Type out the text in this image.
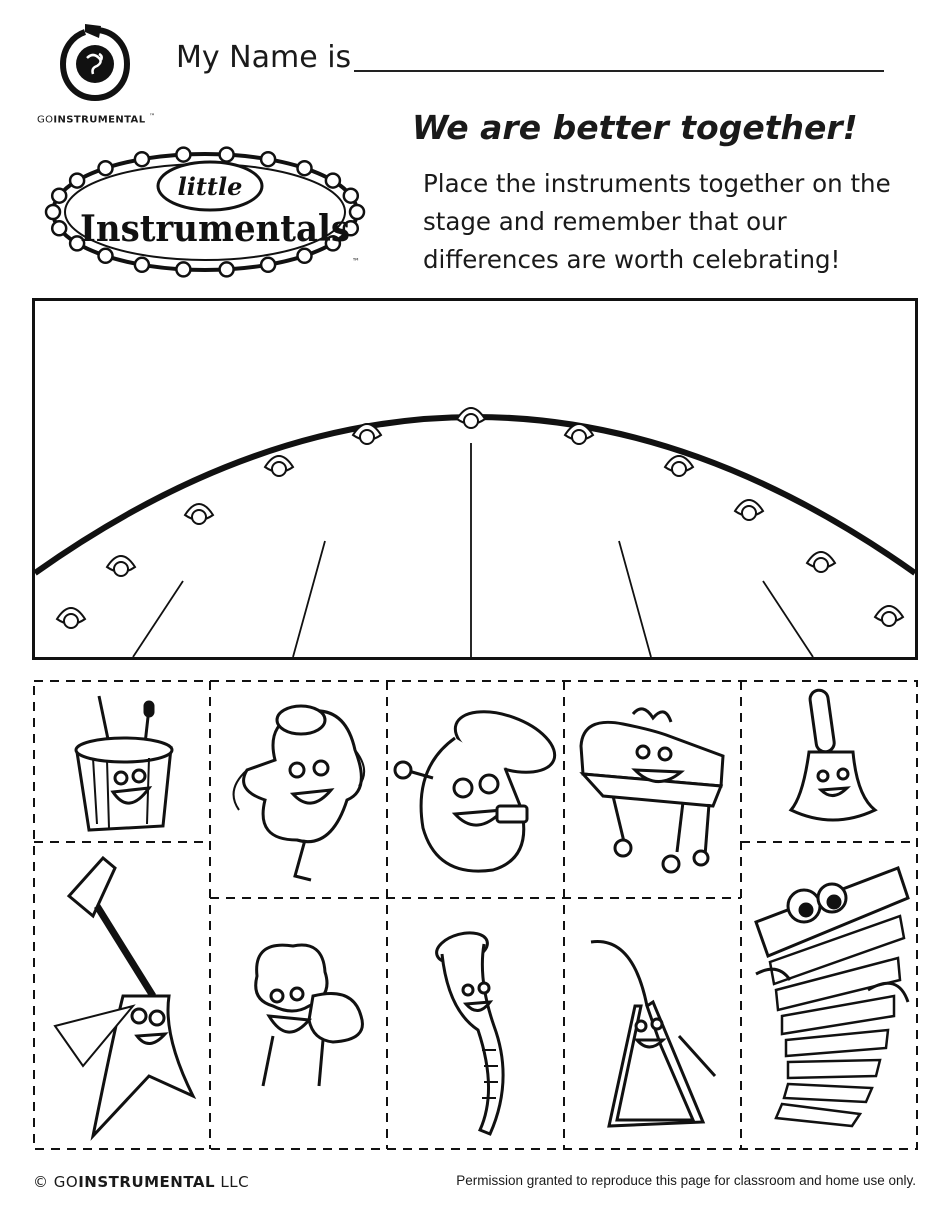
GOINSTRUMENTAL ™
My Name is
little
Instrumentals
™
We are better together!
Place the instruments together on the stage and remember that our differences are worth celebrating!
© GOINSTRUMENTAL LLC	Permission granted to reproduce this page for classroom and home use only.
